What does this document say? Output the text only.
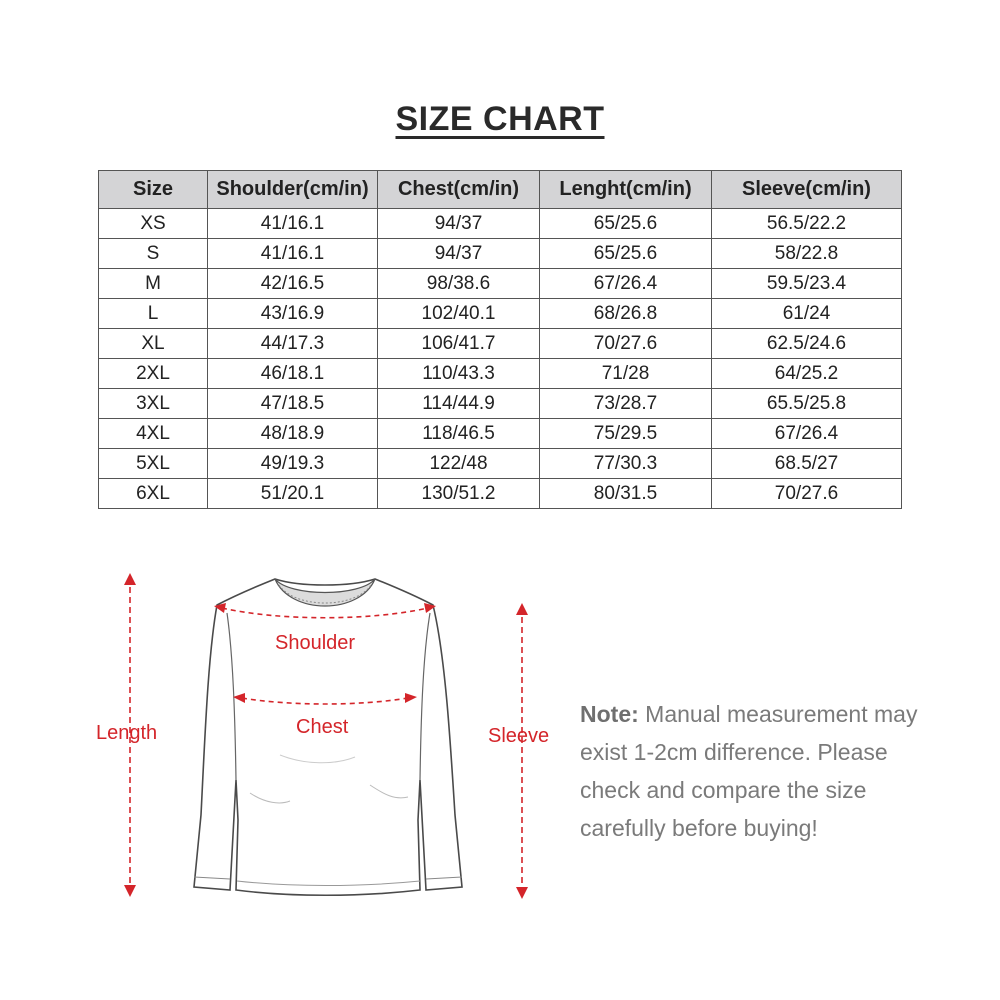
SIZE CHART
Size	Shoulder(cm/in)	Chest(cm/in)	Lenght(cm/in)	Sleeve(cm/in)
XS	41/16.1	94/37	65/25.6	56.5/22.2
S	41/16.1	94/37	65/25.6	58/22.8
M	42/16.5	98/38.6	67/26.4	59.5/23.4
L	43/16.9	102/40.1	68/26.8	61/24
XL	44/17.3	106/41.7	70/27.6	62.5/24.6
2XL	46/18.1	110/43.3	71/28	64/25.2
3XL	47/18.5	114/44.9	73/28.7	65.5/25.8
4XL	48/18.9	118/46.5	75/29.5	67/26.4
5XL	49/19.3	122/48	77/30.3	68.5/27
6XL	51/20.1	130/51.2	80/31.5	70/27.6
Length
Shoulder
Chest	Sleeve
Note: Manual measurement may exist 1-2cm difference. Please check and compare the size carefully before buying!
